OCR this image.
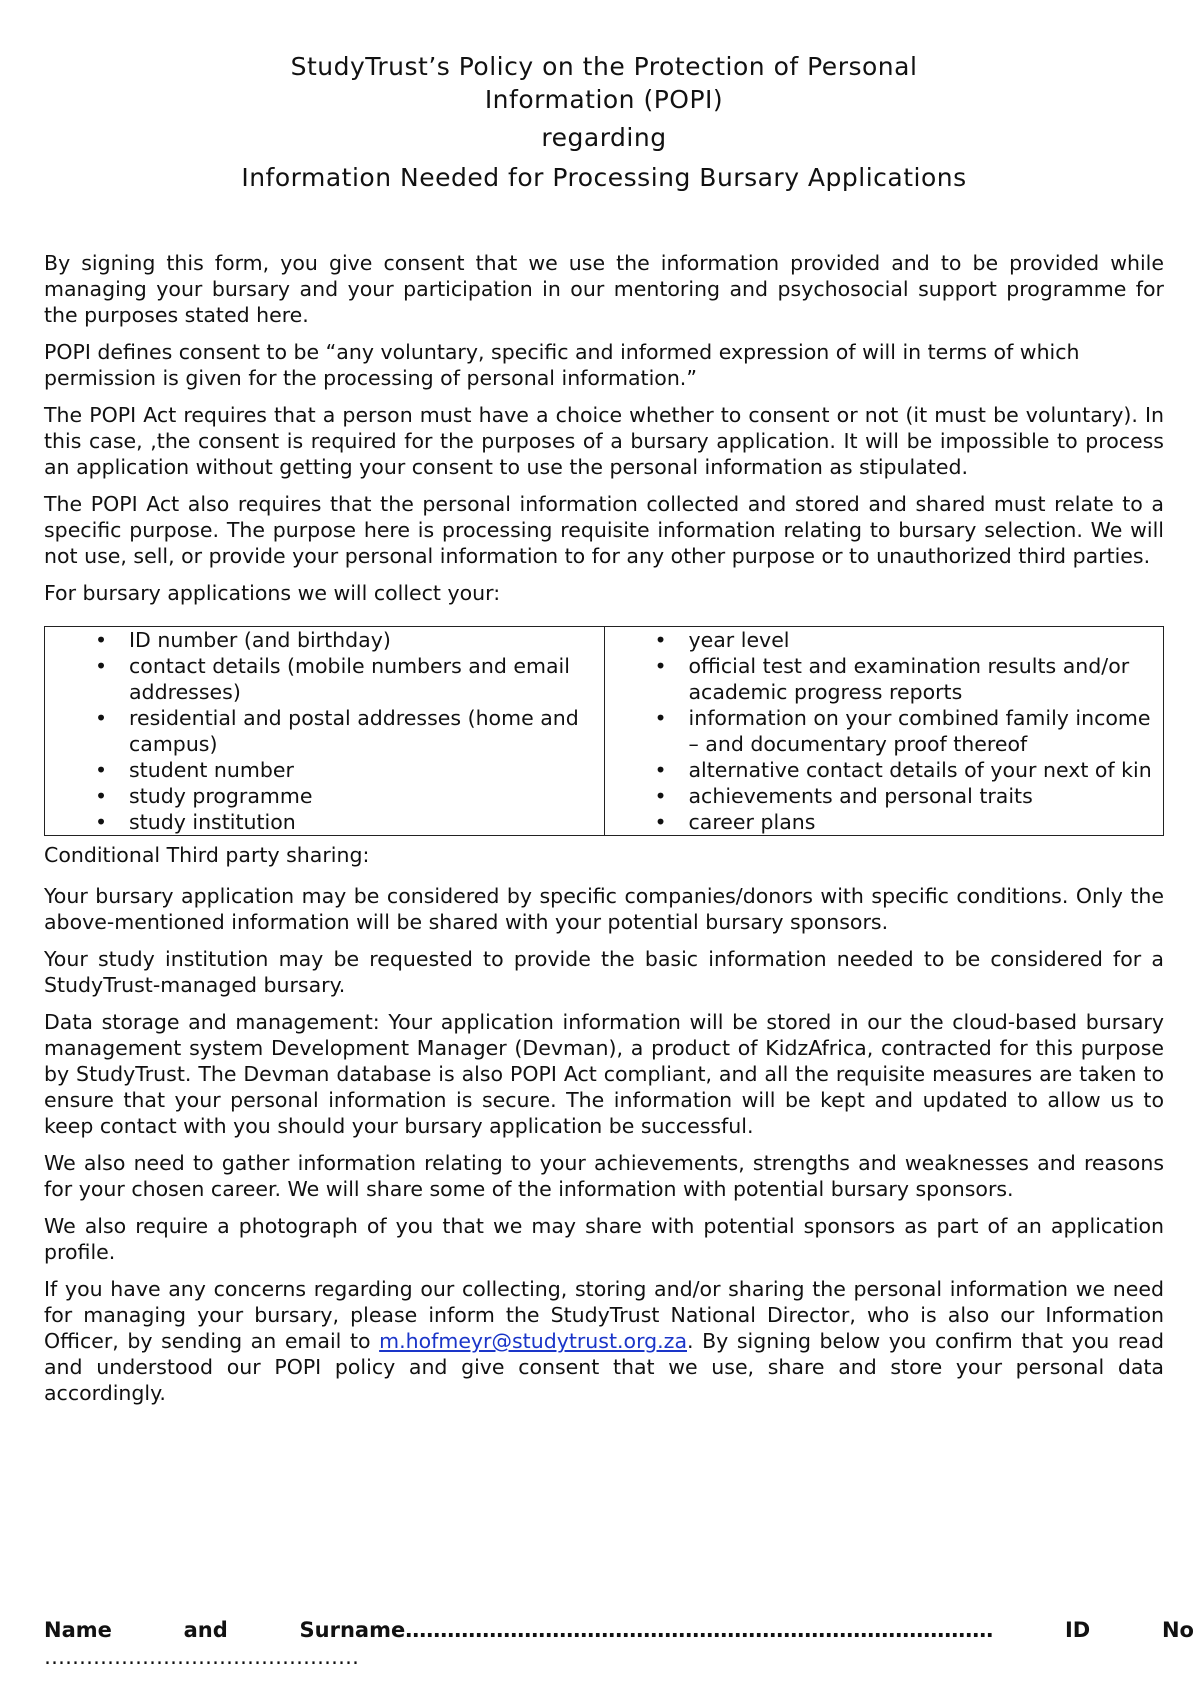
StudyTrust’s Policy on the Protection of Personal
Information (POPI)
regarding
Information Needed for Processing Bursary Applications

By signing this form, you give consent that we use the information provided and to be provided while managing your bursary and your participation in our mentoring and psychosocial support programme for the purposes stated here.

POPI defines consent to be “any voluntary, specific and informed expression of will in terms of which permission is given for the processing of personal information.”

The POPI Act requires that a person must have a choice whether to consent or not (it must be voluntary). In this case, ,the consent is required for the purposes of a bursary application. It will be impossible to process an application without getting your consent to use the personal information as stipulated.

The POPI Act also requires that the personal information collected and stored and shared must relate to a specific purpose. The purpose here is processing requisite information relating to bursary selection. We will not use, sell, or provide your personal information to for any other purpose or to unauthorized third parties.

For bursary applications we will collect your:

• ID number (and birthday)
• contact details (mobile numbers and email addresses)
• residential and postal addresses (home and campus)
• student number
• study programme
• study institution

• year level
• official test and examination results and/or academic progress reports
• information on your combined family income – and documentary proof thereof
• alternative contact details of your next of kin
• achievements and personal traits
• career plans

Conditional Third party sharing:

Your bursary application may be considered by specific companies/donors with specific conditions. Only the above-mentioned information will be shared with your potential bursary sponsors.

Your study institution may be requested to provide the basic information needed to be considered for a StudyTrust-managed bursary.

Data storage and management: Your application information will be stored in our the cloud-based bursary management system Development Manager (Devman), a product of KidzAfrica, contracted for this purpose by StudyTrust. The Devman database is also POPI Act compliant, and all the requisite measures are taken to ensure that your personal information is secure. The information will be kept and updated to allow us to keep contact with you should your bursary application be successful.

We also need to gather information relating to your achievements, strengths and weaknesses and reasons for your chosen career. We will share some of the information with potential bursary sponsors.

We also require a photograph of you that we may share with potential sponsors as part of an application profile.

If you have any concerns regarding our collecting, storing and/or sharing the personal information we need for managing your bursary, please inform the StudyTrust National Director, who is also our Information Officer, by sending an email to m.hofmeyr@studytrust.org.za. By signing below you confirm that you read and understood our POPI policy and give consent that we use, share and store your personal data accordingly.

Name	and	Surname…………………………………………………………………………	ID	No
………………………………………
